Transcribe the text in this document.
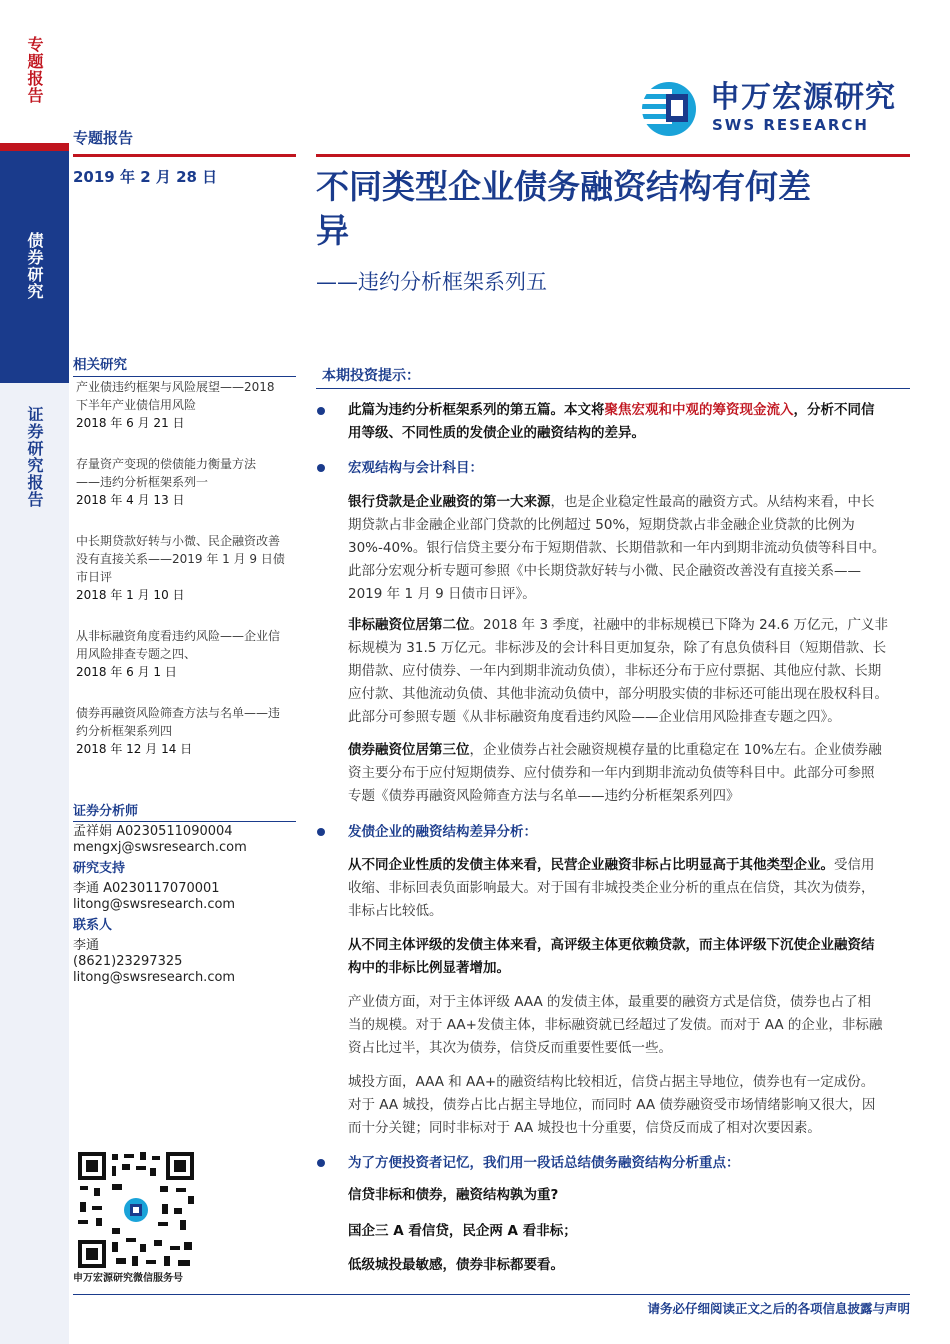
专题报告
债券研究
证券研究报告
申万宏源研究
SWS RESEARCH
专题报告
2019 年 2 月 28 日	不同类型企业债务融资结构有何差
异
——违约分析框架系列五
相关研究
产业债违约框架与风险展望——2018
下半年产业债信用风险
2018 年 6 月 21 日
存量资产变现的偿债能力衡量方法
——违约分析框架系列一
2018 年 4 月 13 日
中长期贷款好转与小微、民企融资改善
没有直接关系——2019 年 1 月 9 日债
市日评
2018 年 1 月 10 日
从非标融资角度看违约风险——企业信
用风险排查专题之四、
2018 年 6 月 1 日
债券再融资风险筛查方法与名单——违
约分析框架系列四
2018 年 12 月 14 日
证券分析师
孟祥娟 A0230511090004
mengxj@swsresearch.com
研究支持
李通 A0230117070001
litong@swsresearch.com
联系人
李通
(8621)23297325
litong@swsresearch.com
申万宏源研究微信服务号
本期投资提示：
此篇为违约分析框架系列的第五篇。本文将聚焦宏观和中观的筹资现金流入，分析不同信
用等级、不同性质的发债企业的融资结构的差异。
宏观结构与会计科目：
银行贷款是企业融资的第一大来源，也是企业稳定性最高的融资方式。从结构来看，中长
期贷款占非金融企业部门贷款的比例超过 50%，短期贷款占非金融企业贷款的比例为
30%-40%。银行信贷主要分布于短期借款、长期借款和一年内到期非流动负债等科目中。
此部分宏观分析专题可参照《中长期贷款好转与小微、民企融资改善没有直接关系——
2019 年 1 月 9 日债市日评》。
非标融资位居第二位。2018 年 3 季度，社融中的非标规模已下降为 24.6 万亿元，广义非
标规模为 31.5 万亿元。非标涉及的会计科目更加复杂，除了有息负债科目（短期借款、长
期借款、应付债券、一年内到期非流动负债），非标还分布于应付票据、其他应付款、长期
应付款、其他流动负债、其他非流动负债中，部分明股实债的非标还可能出现在股权科目。
此部分可参照专题《从非标融资角度看违约风险——企业信用风险排查专题之四》。
债券融资位居第三位，企业债券占社会融资规模存量的比重稳定在 10%左右。企业债券融
资主要分布于应付短期债券、应付债券和一年内到期非流动负债等科目中。此部分可参照
专题《债券再融资风险筛查方法与名单——违约分析框架系列四》
发债企业的融资结构差异分析：
从不同企业性质的发债主体来看，民营企业融资非标占比明显高于其他类型企业。受信用
收缩、非标回表负面影响最大。对于国有非城投类企业分析的重点在信贷，其次为债券，
非标占比较低。
从不同主体评级的发债主体来看，高评级主体更依赖贷款，而主体评级下沉使企业融资结
构中的非标比例显著增加。
产业债方面，对于主体评级 AAA 的发债主体，最重要的融资方式是信贷，债券也占了相
当的规模。对于 AA+发债主体，非标融资就已经超过了发债。而对于 AA 的企业，非标融
资占比过半，其次为债券，信贷反而重要性要低一些。
城投方面，AAA 和 AA+的融资结构比较相近，信贷占据主导地位，债券也有一定成份。
对于 AA 城投，债券占比占据主导地位，而同时 AA 债券融资受市场情绪影响又很大，因
而十分关键；同时非标对于 AA 城投也十分重要，信贷反而成了相对次要因素。
为了方便投资者记忆，我们用一段话总结债务融资结构分析重点：
信贷非标和债券，融资结构孰为重?
国企三 A 看信贷，民企两 A 看非标；
低级城投最敏感，债券非标都要看。
请务必仔细阅读正文之后的各项信息披露与声明
